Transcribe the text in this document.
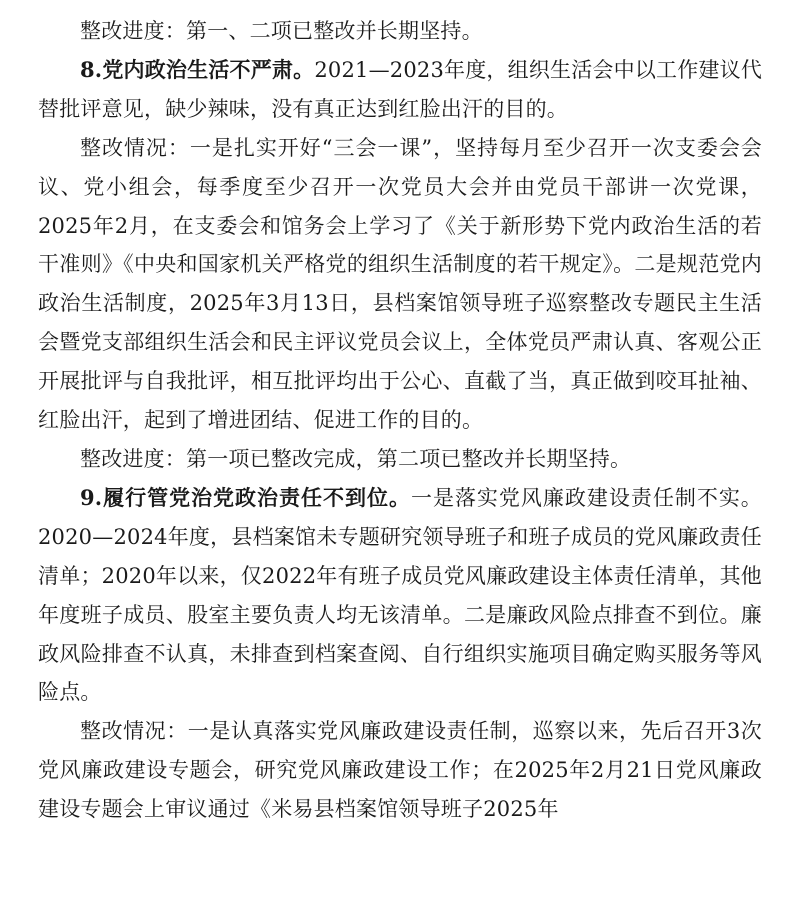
整改进度：第一、二项已整改并长期坚持。

8.党内政治生活不严肃。2021—2023年度，组织生活会中以工作建议代替批评意见，缺少辣味，没有真正达到红脸出汗的目的。

整改情况：一是扎实开好“三会一课”，坚持每月至少召开一次支委会会议、党小组会，每季度至少召开一次党员大会并由党员干部讲一次党课，2025年2月，在支委会和馆务会上学习了《关于新形势下党内政治生活的若干准则》《中央和国家机关严格党的组织生活制度的若干规定》。二是规范党内政治生活制度，2025年3月13日，县档案馆领导班子巡察整改专题民主生活会暨党支部组织生活会和民主评议党员会议上，全体党员严肃认真、客观公正开展批评与自我批评，相互批评均出于公心、直截了当，真正做到咬耳扯袖、红脸出汗，起到了增进团结、促进工作的目的。

整改进度：第一项已整改完成，第二项已整改并长期坚持。

9.履行管党治党政治责任不到位。一是落实党风廉政建设责任制不实。2020—2024年度，县档案馆未专题研究领导班子和班子成员的党风廉政责任清单；2020年以来，仅2022年有班子成员党风廉政建设主体责任清单，其他年度班子成员、股室主要负责人均无该清单。二是廉政风险点排查不到位。廉政风险排查不认真，未排查到档案查阅、自行组织实施项目确定购买服务等风险点。

整改情况：一是认真落实党风廉政建设责任制，巡察以来，先后召开3次党风廉政建设专题会，研究党风廉政建设工作；在2025年2月21日党风廉政建设专题会上审议通过《米易县档案馆领导班子2025年
